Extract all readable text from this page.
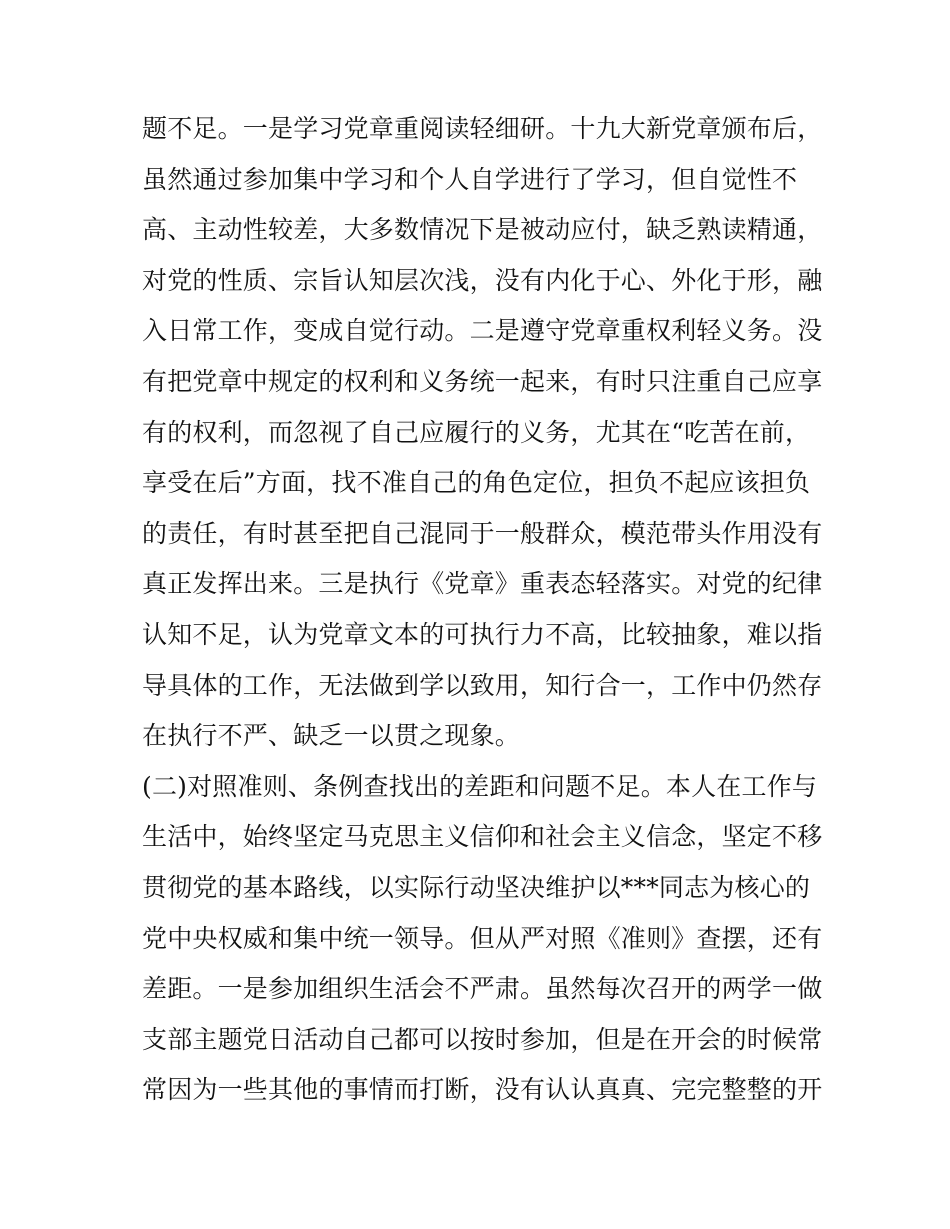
题不足。一是学习党章重阅读轻细研。十九大新党章颁布后，
虽然通过参加集中学习和个人自学进行了学习，但自觉性不
高、主动性较差，大多数情况下是被动应付，缺乏熟读精通，
对党的性质、宗旨认知层次浅，没有内化于心、外化于形，融
入日常工作，变成自觉行动。二是遵守党章重权利轻义务。没
有把党章中规定的权利和义务统一起来，有时只注重自己应享
有的权利，而忽视了自己应履行的义务，尤其在“吃苦在前，
享受在后”方面，找不准自己的角色定位，担负不起应该担负
的责任，有时甚至把自己混同于一般群众，模范带头作用没有
真正发挥出来。三是执行《党章》重表态轻落实。对党的纪律
认知不足，认为党章文本的可执行力不高，比较抽象，难以指
导具体的工作，无法做到学以致用，知行合一，工作中仍然存
在执行不严、缺乏一以贯之现象。
(二)对照准则、条例查找出的差距和问题不足。本人在工作与
生活中，始终坚定马克思主义信仰和社会主义信念，坚定不移
贯彻党的基本路线，以实际行动坚决维护以***同志为核心的
党中央权威和集中统一领导。但从严对照《准则》查摆，还有
差距。一是参加组织生活会不严肃。虽然每次召开的两学一做
支部主题党日活动自己都可以按时参加，但是在开会的时候常
常因为一些其他的事情而打断，没有认认真真、完完整整的开
